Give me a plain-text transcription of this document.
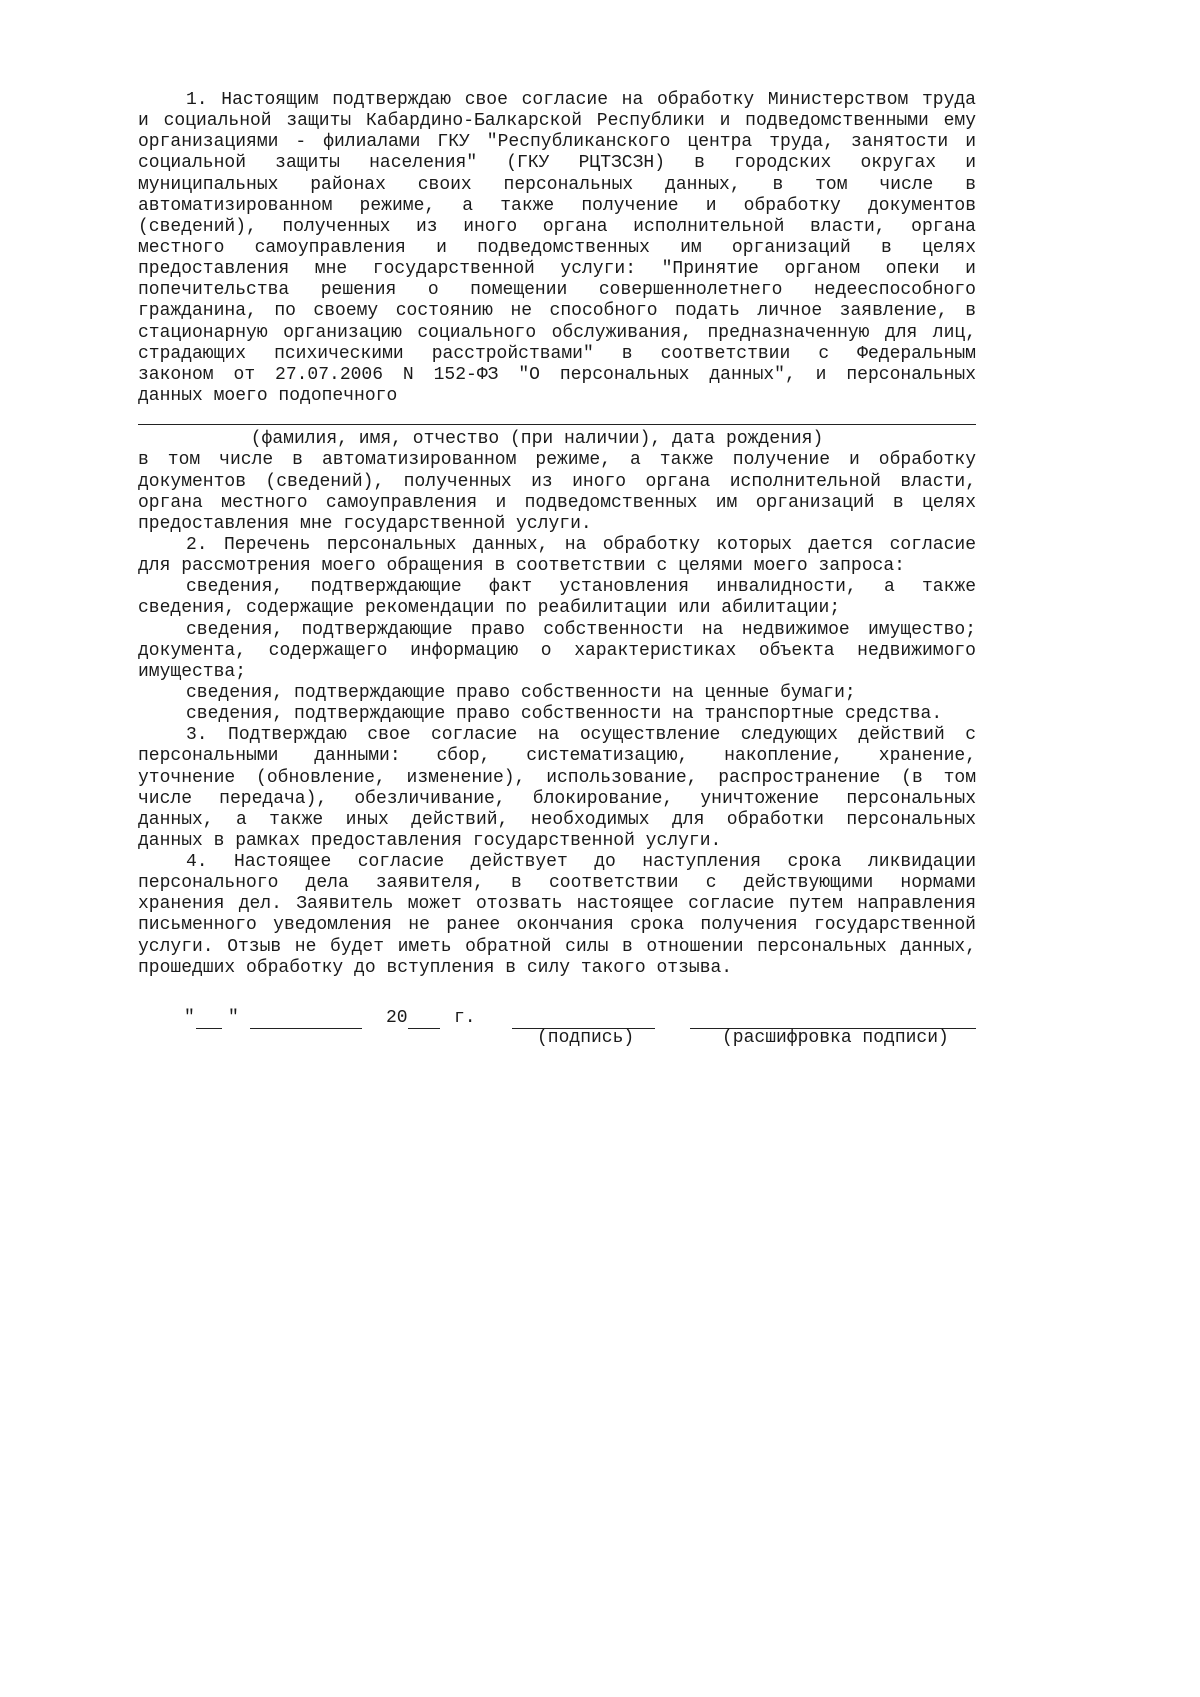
1. Настоящим подтверждаю свое согласие на обработку Министерством труда
и социальной защиты Кабардино-Балкарской Республики и подведомственными ему
организациями - филиалами ГКУ "Республиканского центра труда, занятости и
социальной защиты населения" (ГКУ РЦТЗСЗН) в городских округах и
муниципальных районах своих персональных данных, в том числе в
автоматизированном режиме, а также получение и обработку документов
(сведений), полученных из иного органа исполнительной власти, органа
местного самоуправления и подведомственных им организаций в целях
предоставления мне государственной услуги: "Принятие органом опеки и
попечительства решения о помещении совершеннолетнего недееспособного
гражданина, по своему состоянию не способного подать личное заявление, в
стационарную организацию социального обслуживания, предназначенную для лиц,
страдающих психическими расстройствами" в соответствии с Федеральным
законом от 27.07.2006 N 152-ФЗ "О персональных данных", и персональных
данных моего подопечного
(фамилия, имя, отчество (при наличии), дата рождения)
в том числе в автоматизированном режиме, а также получение и обработку
документов (сведений), полученных из иного органа исполнительной власти,
органа местного самоуправления и подведомственных им организаций в целях
предоставления мне государственной услуги.
2. Перечень персональных данных, на обработку которых дается согласие
для рассмотрения моего обращения в соответствии с целями моего запроса:
сведения, подтверждающие факт установления инвалидности, а также
сведения, содержащие рекомендации по реабилитации или абилитации;
сведения, подтверждающие право собственности на недвижимое имущество;
документа, содержащего информацию о характеристиках объекта недвижимого
имущества;
сведения, подтверждающие право собственности на ценные бумаги;
сведения, подтверждающие право собственности на транспортные средства.
3. Подтверждаю свое согласие на осуществление следующих действий с
персональными данными: сбор, систематизацию, накопление, хранение,
уточнение (обновление, изменение), использование, распространение (в том
числе передача), обезличивание, блокирование, уничтожение персональных
данных, а также иных действий, необходимых для обработки персональных
данных в рамках предоставления государственной услуги.
4. Настоящее согласие действует до наступления срока ликвидации
персонального дела заявителя, в соответствии с действующими нормами
хранения дел. Заявитель может отозвать настоящее согласие путем направления
письменного уведомления не ранее окончания срока получения государственной
услуги. Отзыв не будет иметь обратной силы в отношении персональных данных,
прошедших обработку до вступления в силу такого отзыва.
" "	20	г.
(подпись)	(расшифровка подписи)
